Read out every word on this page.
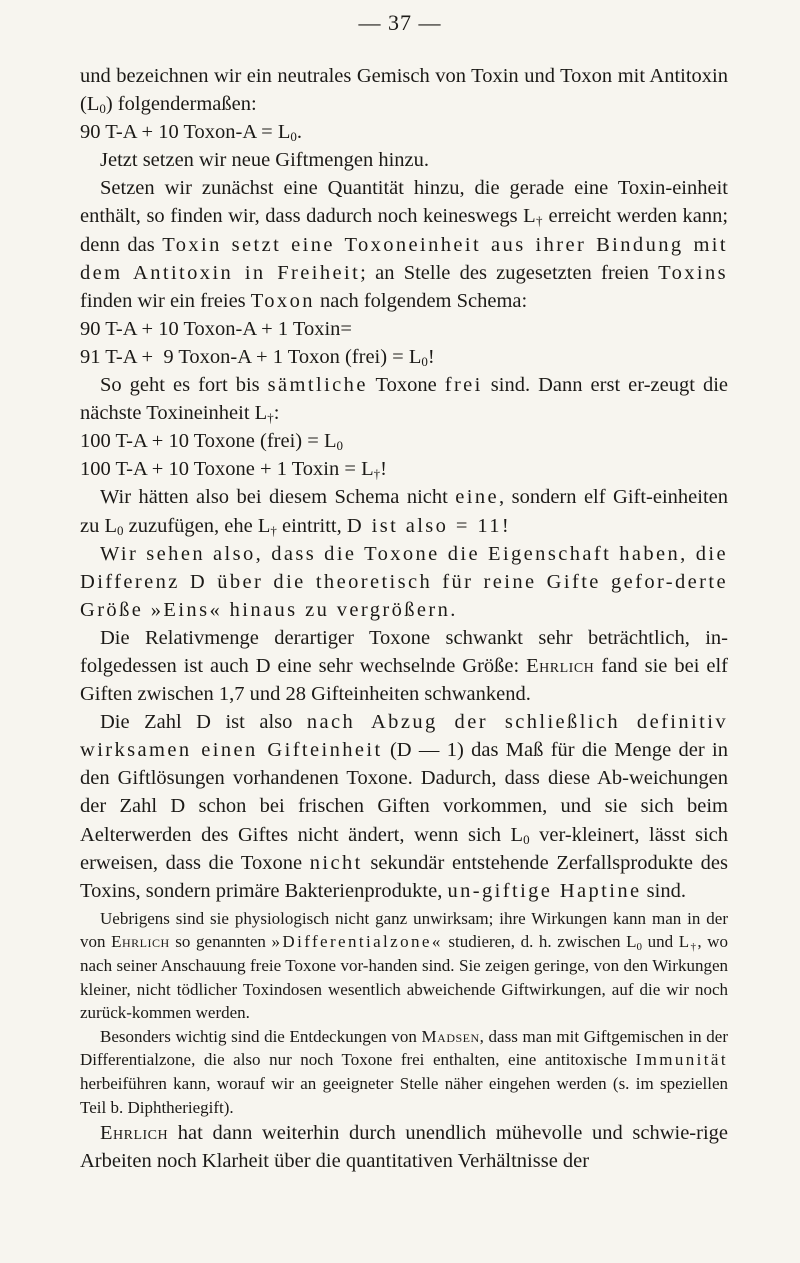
— 37 —

und bezeichnen wir ein neutrales Gemisch von Toxin und Toxon mit Antitoxin $(L_0)$ folgendermaßen:

90 T-A + 10 Toxon-A = $L_0$.

Jetzt setzen wir neue Giftmengen hinzu.

Setzen wir zunächst eine Quantität hinzu, die gerade eine Toxin-einheit enthält, so finden wir, dass dadurch noch keineswegs $L_\dagger$ erreicht werden kann; denn das Toxin setzt eine Toxoneinheit aus ihrer Bindung mit dem Antitoxin in Freiheit; an Stelle des zugesetzten freien Toxins finden wir ein freies Toxon nach folgendem Schema:

90 T-A + 10 Toxon-A + 1 Toxin=

91 T-A +  9 Toxon-A + 1 Toxon (frei) = $L_0$!

So geht es fort bis sämtliche Toxone frei sind. Dann erst er-zeugt die nächste Toxineinheit $L_\dagger$:

100 T-A + 10 Toxone (frei) = $L_0$

100 T-A + 10 Toxone + 1 Toxin = $L_\dagger$!

Wir hätten also bei diesem Schema nicht eine, sondern elf Gift-einheiten zu $L_0$ zuzufügen, ehe $L_\dagger$ eintritt, D ist also = 11!

Wir sehen also, dass die Toxone die Eigenschaft haben, die Differenz D über die theoretisch für reine Gifte gefor-derte Größe »Eins« hinaus zu vergrößern.

Die Relativmenge derartiger Toxone schwankt sehr beträchtlich, in-folgedessen ist auch D eine sehr wechselnde Größe: Ehrlich fand sie bei elf Giften zwischen 1,7 und 28 Gifteinheiten schwankend.

Die Zahl D ist also nach Abzug der schließlich definitiv wirksamen einen Gifteinheit (D — 1) das Maß für die Menge der in den Giftlösungen vorhandenen Toxone. Dadurch, dass diese Ab-weichungen der Zahl D schon bei frischen Giften vorkommen, und sie sich beim Aelterwerden des Giftes nicht ändert, wenn sich $L_0$ ver-kleinert, lässt sich erweisen, dass die Toxone nicht sekundär entstehende Zerfallsprodukte des Toxins, sondern primäre Bakterienprodukte, un-giftige Haptine sind.

Uebrigens sind sie physiologisch nicht ganz unwirksam; ihre Wirkungen kann man in der von Ehrlich so genannten »Differentialzone« studieren, d. h. zwischen $L_0$ und $L_\dagger$, wo nach seiner Anschauung freie Toxone vor-handen sind. Sie zeigen geringe, von den Wirkungen kleiner, nicht tödlicher Toxindosen wesentlich abweichende Giftwirkungen, auf die wir noch zurück-kommen werden.

Besonders wichtig sind die Entdeckungen von Madsen, dass man mit Giftgemischen in der Differentialzone, die also nur noch Toxone frei enthalten, eine antitoxische Immunität herbeiführen kann, worauf wir an geeigneter Stelle näher eingehen werden (s. im speziellen Teil b. Diphtheriegift).

Ehrlich hat dann weiterhin durch unendlich mühevolle und schwie-rige Arbeiten noch Klarheit über die quantitativen Verhältnisse der
